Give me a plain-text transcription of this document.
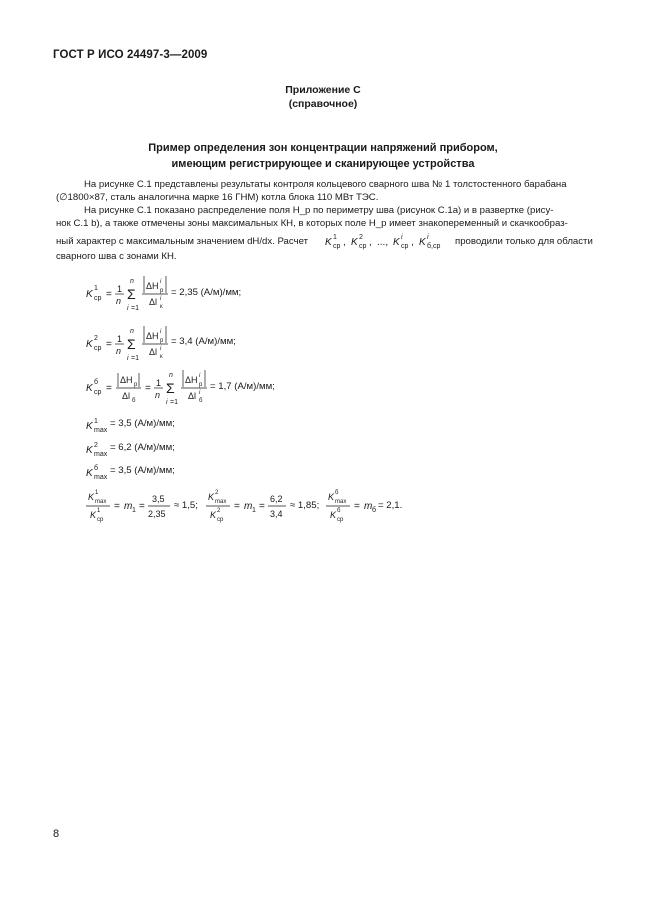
ГОСТ Р ИСО 24497-3—2009
Приложение С
(справочное)
Пример определения зон концентрации напряжений прибором,
имеющим регистрирующее и сканирующее устройства
На рисунке С.1 представлены результаты контроля кольцевого сварного шва № 1 толстостенного барабана
(∅1800×87, сталь аналогична марке 16 ГНМ) котла блока 110 МВт ТЭС.
На рисунке С.1 показано распределение поля H_p по периметру шва (рисунок С.1a) и в развертке (рису-
нок С.1 b), а также отмечены зоны максимальных КН, в которых поле H_p имеет знакопеременный и скачкообраз-
ный характер с максимальным значением dH/dx. Расчет K 1
ср , K 2
ср , ..., K i
ср , K i
б,ср проводили только для области
сварного шва с зонами КН.
K
1
ср = 1
n
n
Σ
i =1
ΔH i
р
Δl i
к
= 2,35 (А/м)/мм;
K
2
ср = 1
n
n
Σ
i =1
ΔH i
р
Δl i
к
= 3,4 (А/м)/мм;
K
б
ср =
ΔH р
Δl б
= 1
n
n
Σ
i =1
ΔH i
р
Δl i
б
= 1,7 (А/м)/мм;
K 1
max
= 3,5 (А/м)/мм;
K 2
max
= 6,2 (А/м)/мм;
K б
max
= 3,5 (А/м)/мм;
K 1
max
K 1
ср
= m 1 =
3,5
2,35
K 2
max
K 2
ср
= m 1 =
6,2
3,4
K б
max
K б
ср
= m б
≈ 1,5;	≈ 1,85;	= 2,1.
8
